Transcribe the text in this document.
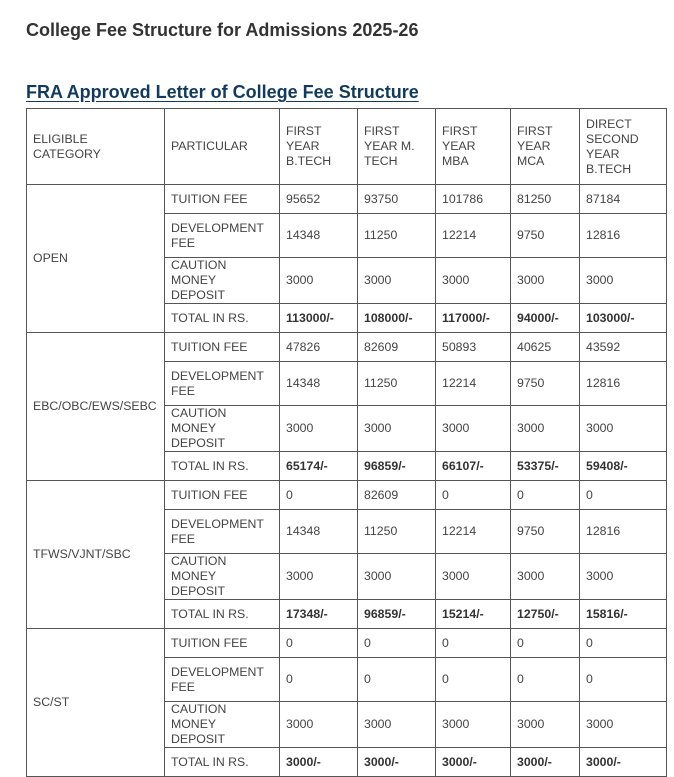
College Fee Structure for Admissions 2025-26
FRA Approved Letter of College Fee Structure
ELIGIBLE CATEGORY	PARTICULAR	FIRST YEAR B.TECH	FIRST YEAR M. TECH	FIRST YEAR MBA	FIRST YEAR MCA	DIRECT SECOND YEAR B.TECH
OPEN	TUITION FEE	95652	93750	101786	81250	87184
	DEVELOPMENT FEE	14348	11250	12214	9750	12816
	CAUTION MONEY DEPOSIT	3000	3000	3000	3000	3000
	TOTAL IN RS.	113000/-	108000/-	117000/-	94000/-	103000/-
EBC/OBC/EWS/SEBC	TUITION FEE	47826	82609	50893	40625	43592
	DEVELOPMENT FEE	14348	11250	12214	9750	12816
	CAUTION MONEY DEPOSIT	3000	3000	3000	3000	3000
	TOTAL IN RS.	65174/-	96859/-	66107/-	53375/-	59408/-
TFWS/VJNT/SBC	TUITION FEE	0	82609	0	0	0
	DEVELOPMENT FEE	14348	11250	12214	9750	12816
	CAUTION MONEY DEPOSIT	3000	3000	3000	3000	3000
	TOTAL IN RS.	17348/-	96859/-	15214/-	12750/-	15816/-
SC/ST	TUITION FEE	0	0	0	0	0
	DEVELOPMENT FEE	0	0	0	0	0
	CAUTION MONEY DEPOSIT	3000	3000	3000	3000	3000
	TOTAL IN RS.	3000/-	3000/-	3000/-	3000/-	3000/-
